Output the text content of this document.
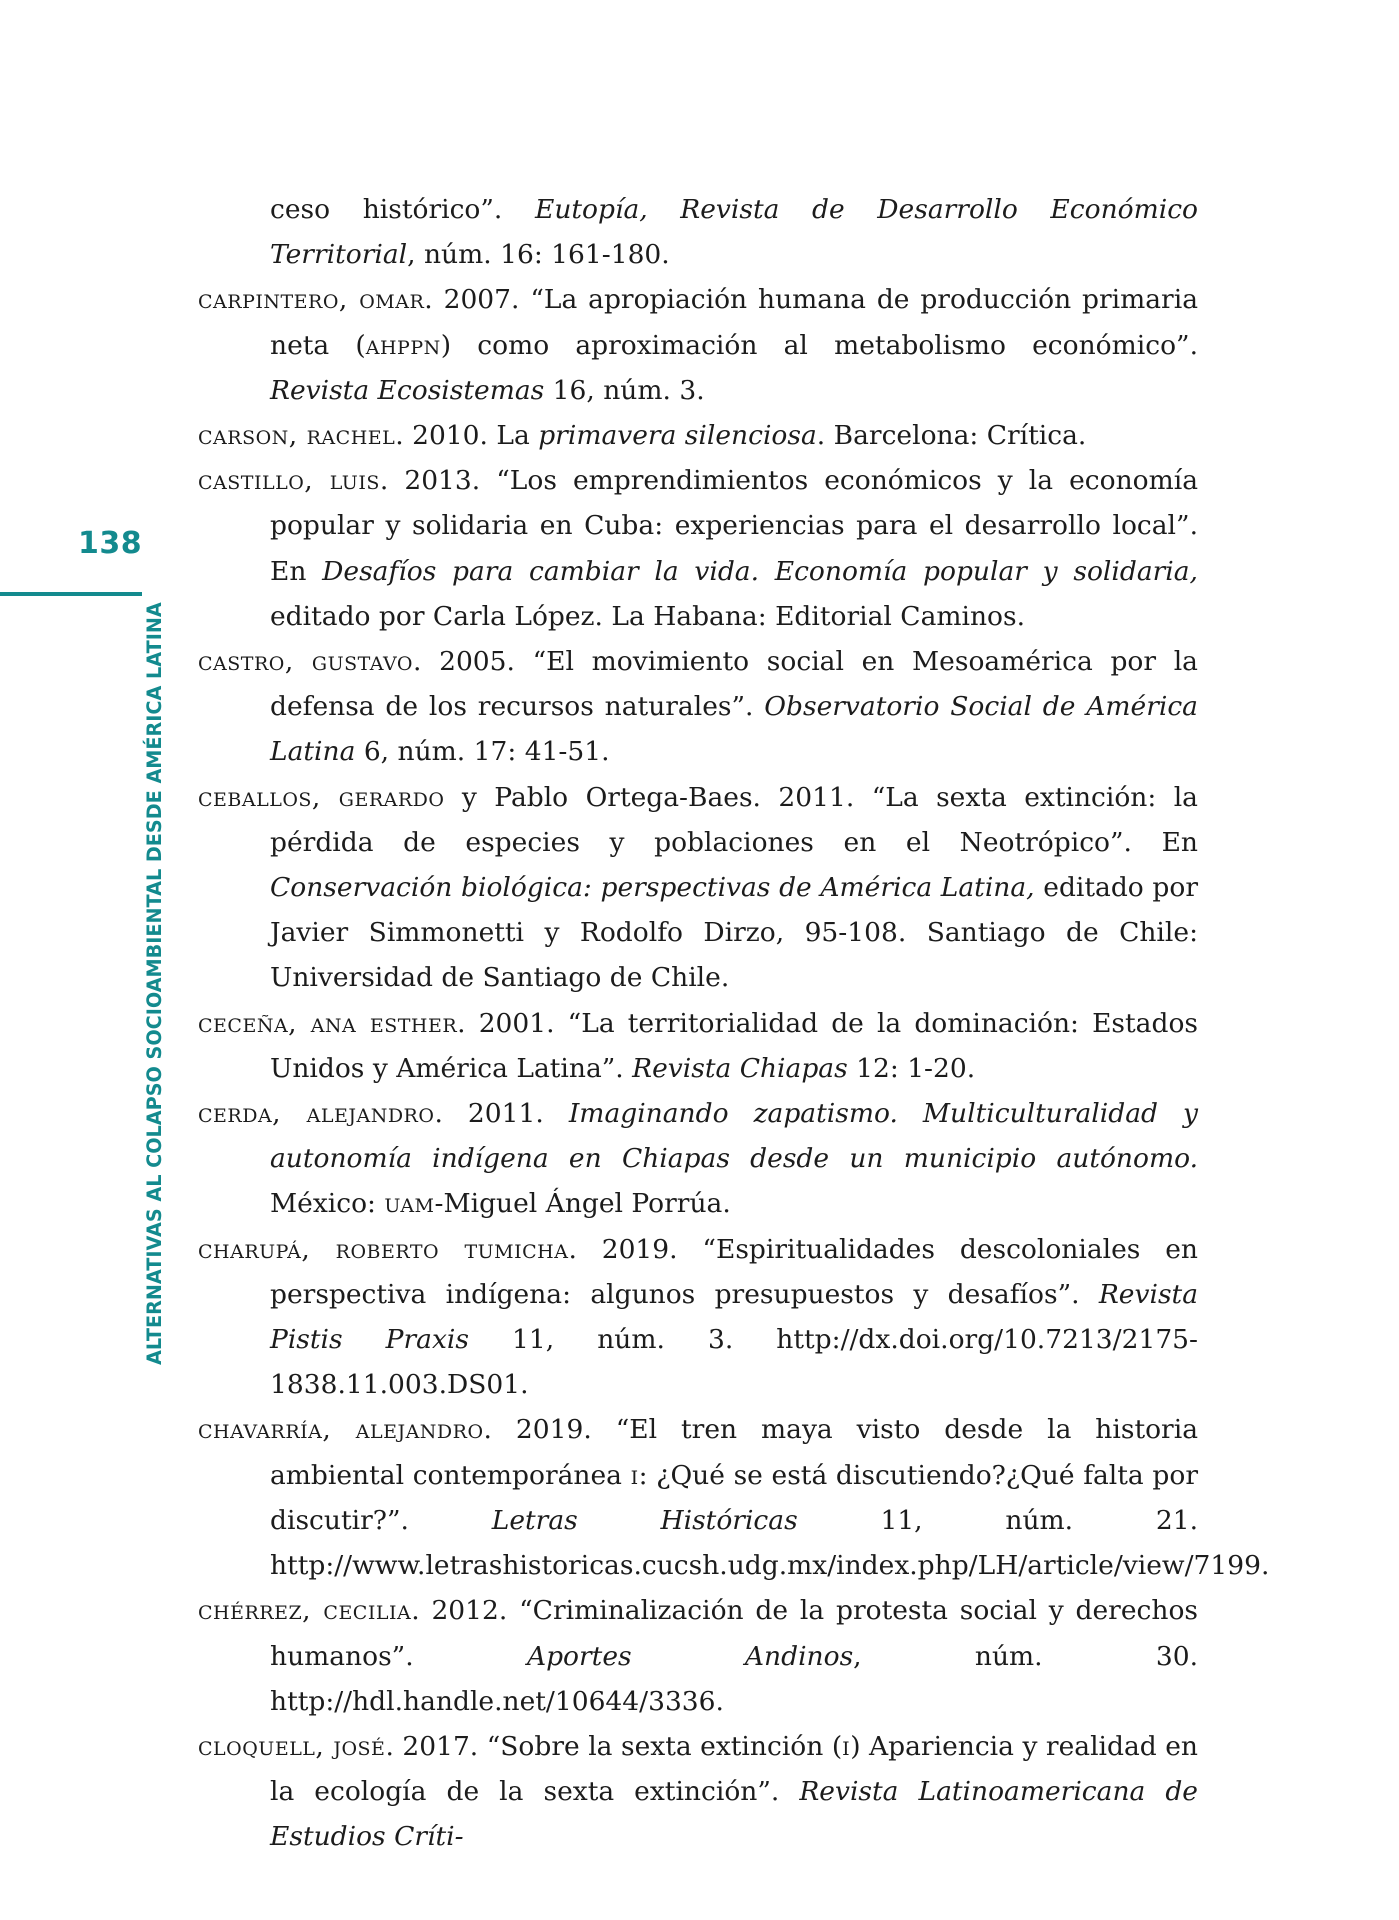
138
ALTERNATIVAS AL COLAPSO SOCIOAMBIENTAL DESDE AMÉRICA LATINA

ceso histórico”. Eutopía, Revista de Desarrollo Económico Territorial, núm. 16: 161-180.

carpintero, omar. 2007. “La apropiación humana de producción primaria neta (ahppn) como aproximación al metabolismo económico”. Revista Ecosistemas 16, núm. 3.

carson, rachel. 2010. La primavera silenciosa. Barcelona: Crítica.

castillo, luis. 2013. “Los emprendimientos económicos y la economía popular y solidaria en Cuba: experiencias para el desarrollo local”. En Desafíos para cambiar la vida. Economía popular y solidaria, editado por Carla López. La Habana: Editorial Caminos.

castro, gustavo. 2005. “El movimiento social en Mesoamérica por la defensa de los recursos naturales”. Observatorio Social de América Latina 6, núm. 17: 41-51.

ceballos, gerardo y Pablo Ortega-Baes. 2011. “La sexta extinción: la pérdida de especies y poblaciones en el Neotrópico”. En Conservación biológica: perspectivas de América Latina, editado por Javier Simmonetti y Rodolfo Dirzo, 95-108. Santiago de Chile: Universidad de Santiago de Chile.

ceceña, ana esther. 2001. “La territorialidad de la dominación: Estados Unidos y América Latina”. Revista Chiapas 12: 1-20.

cerda, alejandro. 2011. Imaginando zapatismo. Multiculturalidad y autonomía indígena en Chiapas desde un municipio autónomo. México: uam-Miguel Ángel Porrúa.

charupá, roberto tumicha. 2019. “Espiritualidades descoloniales en perspectiva indígena: algunos presupuestos y desafíos”. Revista Pistis Praxis 11, núm. 3. http://dx.doi.org/10.7213/2175-1838.11.003.DS01.

chavarría, alejandro. 2019. “El tren maya visto desde la historia ambiental contemporánea i: ¿Qué se está discutiendo?¿Qué falta por discutir?”. Letras Históricas 11, núm. 21. http://www.letrashistoricas.cucsh.udg.mx/index.php/LH/article/view/7199.

chérrez, cecilia. 2012. “Criminalización de la protesta social y derechos humanos”. Aportes Andinos, núm. 30. http://hdl.handle.net/10644/3336.

cloquell, josé. 2017. “Sobre la sexta extinción (i) Apariencia y realidad en la ecología de la sexta extinción”. Revista Latinoamericana de Estudios Críti-
